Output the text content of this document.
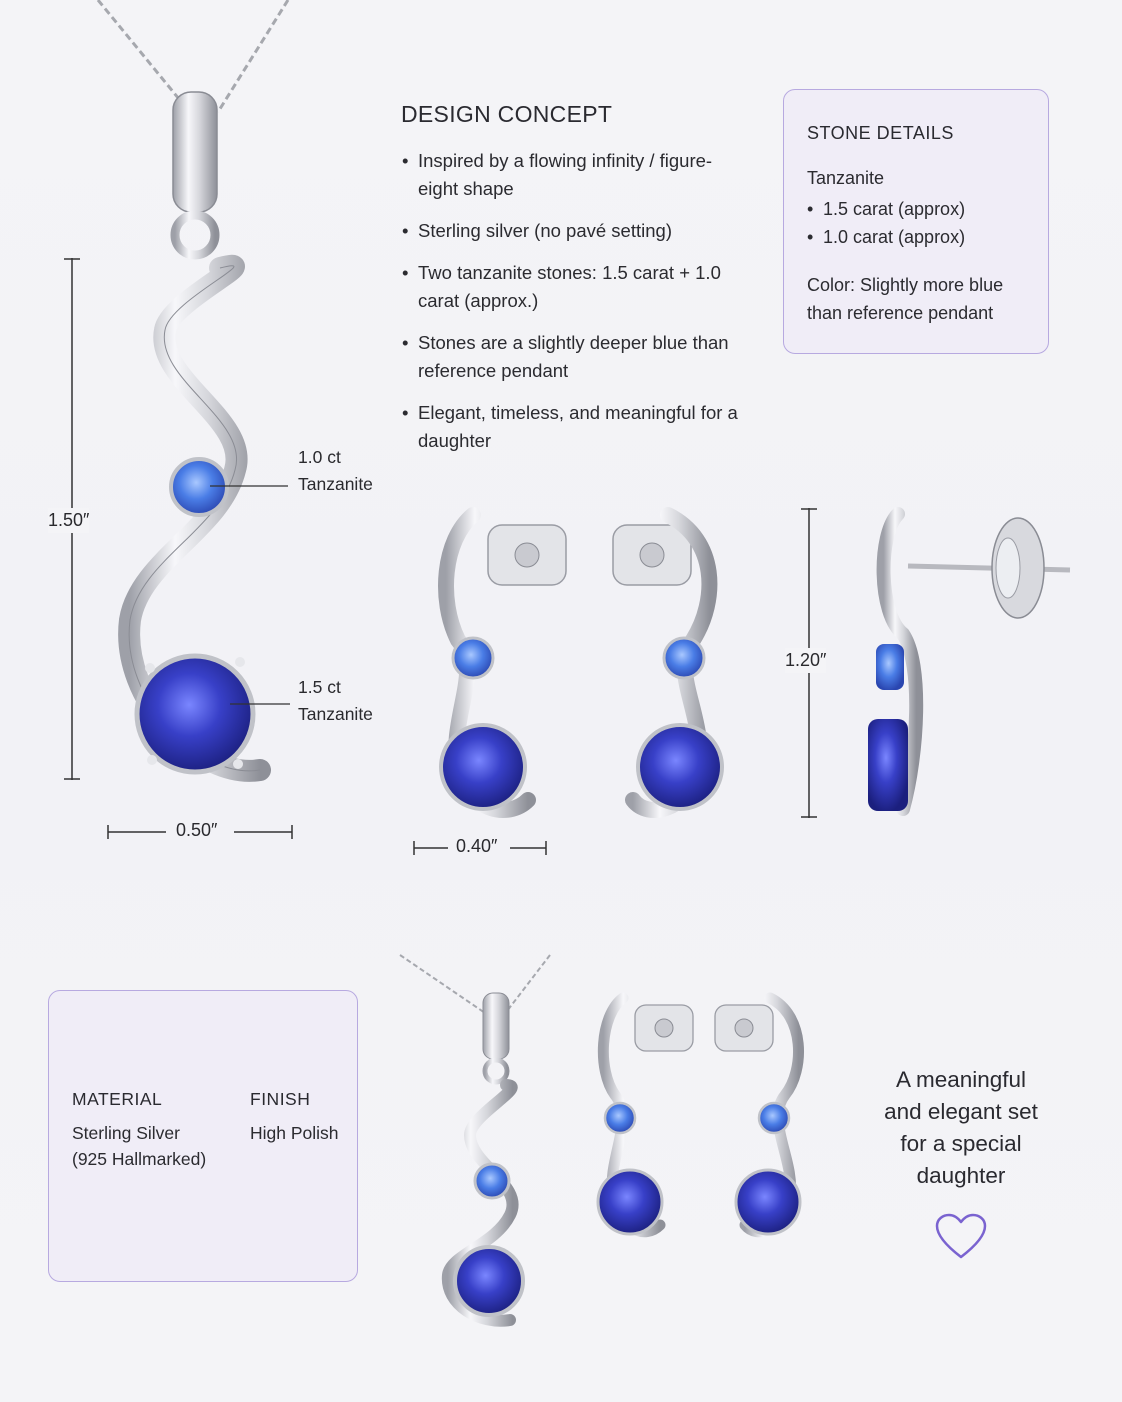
1.50″
0.50″
1.0 ct
Tanzanite
1.5 ct
Tanzanite
DESIGN CONCEPT
• Inspired by a flowing infinity / figure-eight shape
• Sterling silver (no pavé setting)
• Two tanzanite stones: 1.5 carat + 1.0 carat (approx.)
• Stones are a slightly deeper blue than reference pendant
• Elegant, timeless, and meaningful for a daughter
STONE DETAILS
Tanzanite
• 1.5 carat (approx)
• 1.0 carat (approx)
Color: Slightly more blue than reference pendant
0.40″
1.20″
MATERIAL
Sterling Silver
(925 Hallmarked)
FINISH
High Polish
A meaningful
and elegant set
for a special
daughter
